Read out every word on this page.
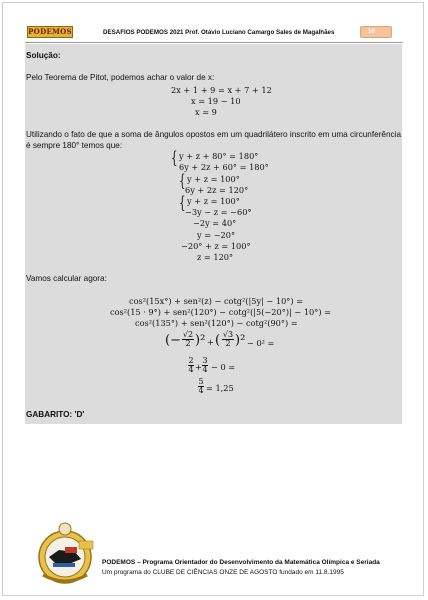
PODEMOS	DESAFIOS PODEMOS 2021 Prof. Otávio Luciano Camargo Sales de Magalhães	10
Solução:
Pelo Teorema de Pitot, podemos achar o valor de x:
2x + 1 + 9 = x + 7 + 12
x = 19 − 10
x = 9
Utilizando o fato de que a soma de ângulos opostos em um quadrilátero inscrito em uma circunferência é sempre 180° temos que:
{ y + z + 80° = 180°
6y + 2z + 60° = 180°
{ y + z = 100°
6y + 2z = 120°
{ y + z = 100°
−3y − z = −60°
−2y = 40°
y = −20°
−20° + z = 100°
z = 120°
Vamos calcular agora:
cos²(15x°) + sen²(z) − cotg²(|5y| − 10°) =
cos²(15 · 9°) + sen²(120°) − cotg²(|5(−20°)| − 10°) =
cos²(135°) + sen²(120°) − cotg²(90°) =
(− $\frac{√2}{2} )^2$ + ( $\frac{√3}{2} )^2 - 0^2$ =
$\frac{2}{4} + \frac{3}{4} - 0$ =
$\frac{5}{4} = 1,25$
GABARITO: 'D'
PODEMOS – Programa Orientador do Desenvolvimento da Matemática Olímpica e Seriada
Um programa do CLUBE DE CIÊNCIAS ONZE DE AGOSTO fundado em 11.8.1995
